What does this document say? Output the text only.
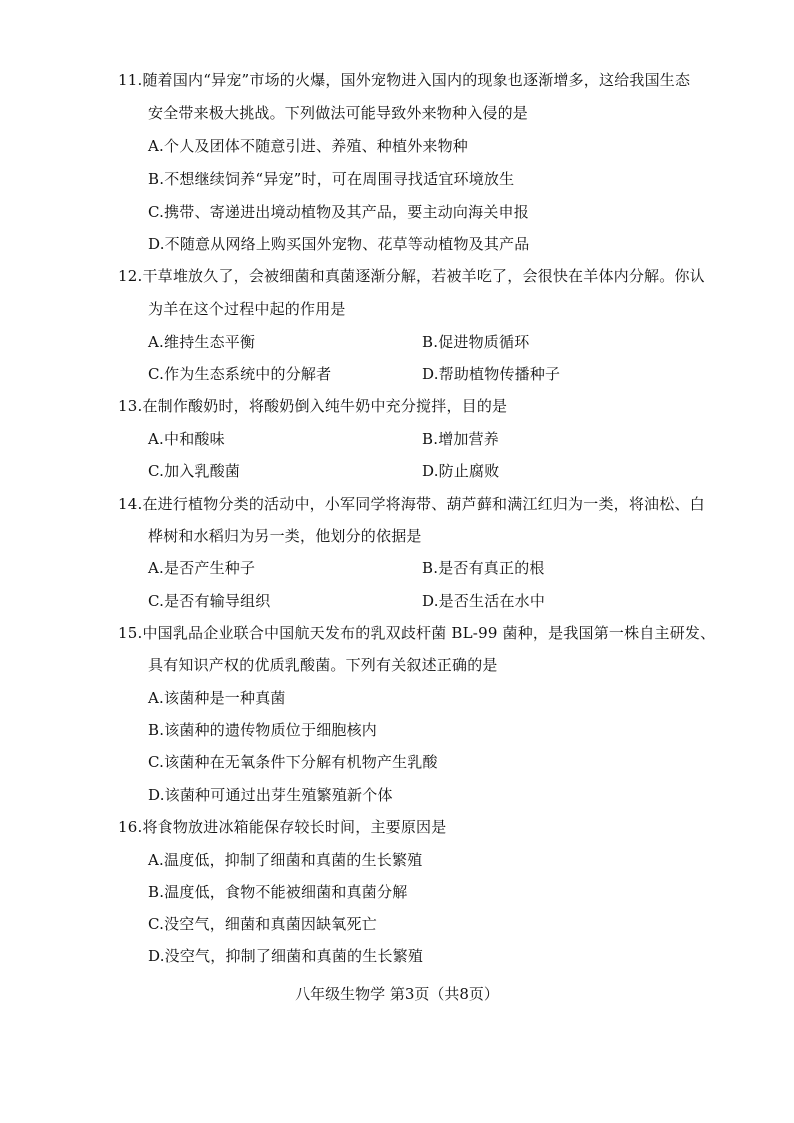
11.随着国内“异宠”市场的火爆，国外宠物进入国内的现象也逐渐增多，这给我国生态
安全带来极大挑战。下列做法可能导致外来物种入侵的是
A.个人及团体不随意引进、养殖、种植外来物种
B.不想继续饲养“异宠”时，可在周围寻找适宜环境放生
C.携带、寄递进出境动植物及其产品，要主动向海关申报
D.不随意从网络上购买国外宠物、花草等动植物及其产品
12.干草堆放久了，会被细菌和真菌逐渐分解，若被羊吃了，会很快在羊体内分解。你认
为羊在这个过程中起的作用是
A.维持生态平衡	B.促进物质循环
C.作为生态系统中的分解者	D.帮助植物传播种子
13.在制作酸奶时，将酸奶倒入纯牛奶中充分搅拌，目的是
A.中和酸味	B.增加营养
C.加入乳酸菌	D.防止腐败
14.在进行植物分类的活动中，小军同学将海带、葫芦藓和满江红归为一类，将油松、白
桦树和水稻归为另一类，他划分的依据是
A.是否产生种子	B.是否有真正的根
C.是否有输导组织	D.是否生活在水中
15.中国乳品企业联合中国航天发布的乳双歧杆菌 BL-99 菌种，是我国第一株自主研发、
具有知识产权的优质乳酸菌。下列有关叙述正确的是
A.该菌种是一种真菌
B.该菌种的遗传物质位于细胞核内
C.该菌种在无氧条件下分解有机物产生乳酸
D.该菌种可通过出芽生殖繁殖新个体
16.将食物放进冰箱能保存较长时间，主要原因是
A.温度低，抑制了细菌和真菌的生长繁殖
B.温度低，食物不能被细菌和真菌分解
C.没空气，细菌和真菌因缺氧死亡
D.没空气，抑制了细菌和真菌的生长繁殖
八年级生物学 第3页（共8页）
